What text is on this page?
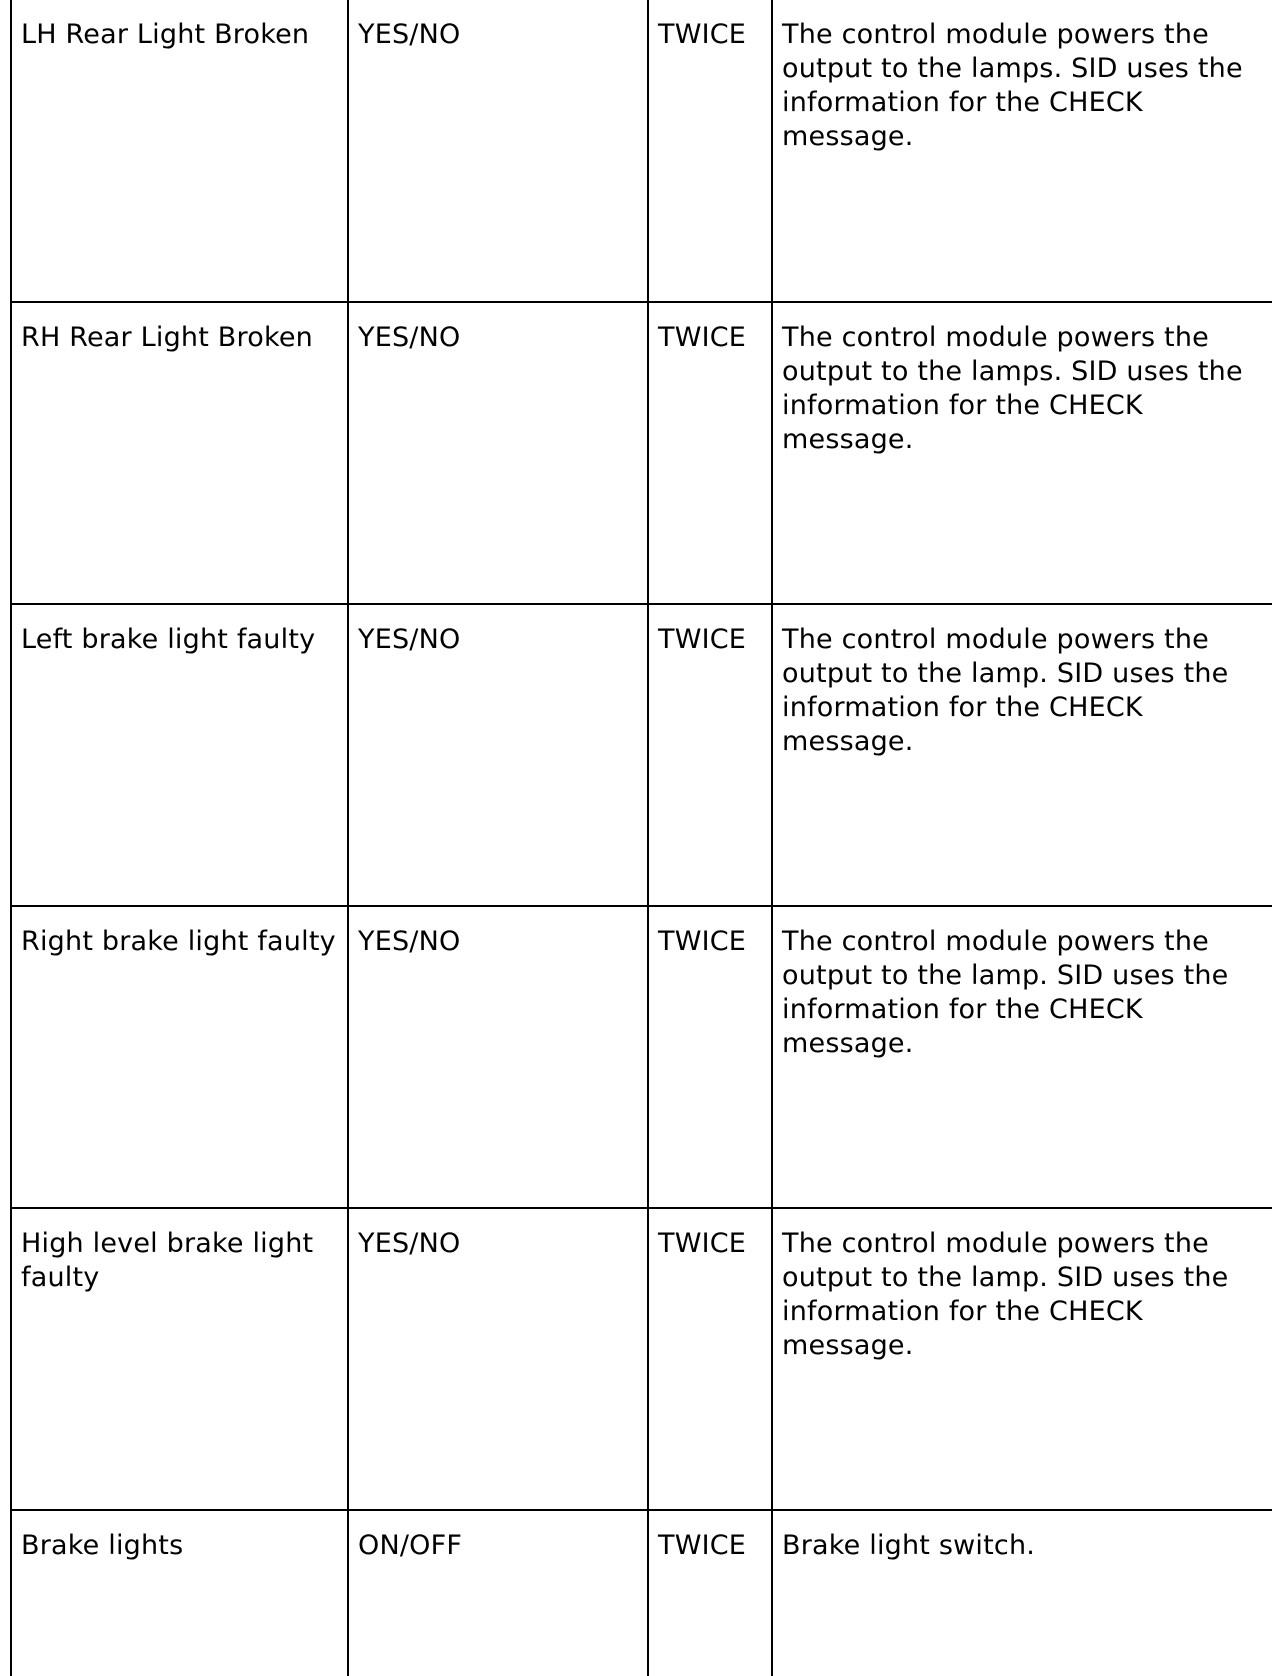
LH Rear Light Broken	YES/NO	TWICE	The control module powers the output to the lamps. SID uses the information for the CHECK message.
RH Rear Light Broken	YES/NO	TWICE	The control module powers the output to the lamps. SID uses the information for the CHECK message.
Left brake light faulty	YES/NO	TWICE	The control module powers the output to the lamp. SID uses the information for the CHECK message.
Right brake light faulty	YES/NO	TWICE	The control module powers the output to the lamp. SID uses the information for the CHECK message.
High level brake light faulty	YES/NO	TWICE	The control module powers the output to the lamp. SID uses the information for the CHECK message.
Brake lights	ON/OFF	TWICE	Brake light switch.
